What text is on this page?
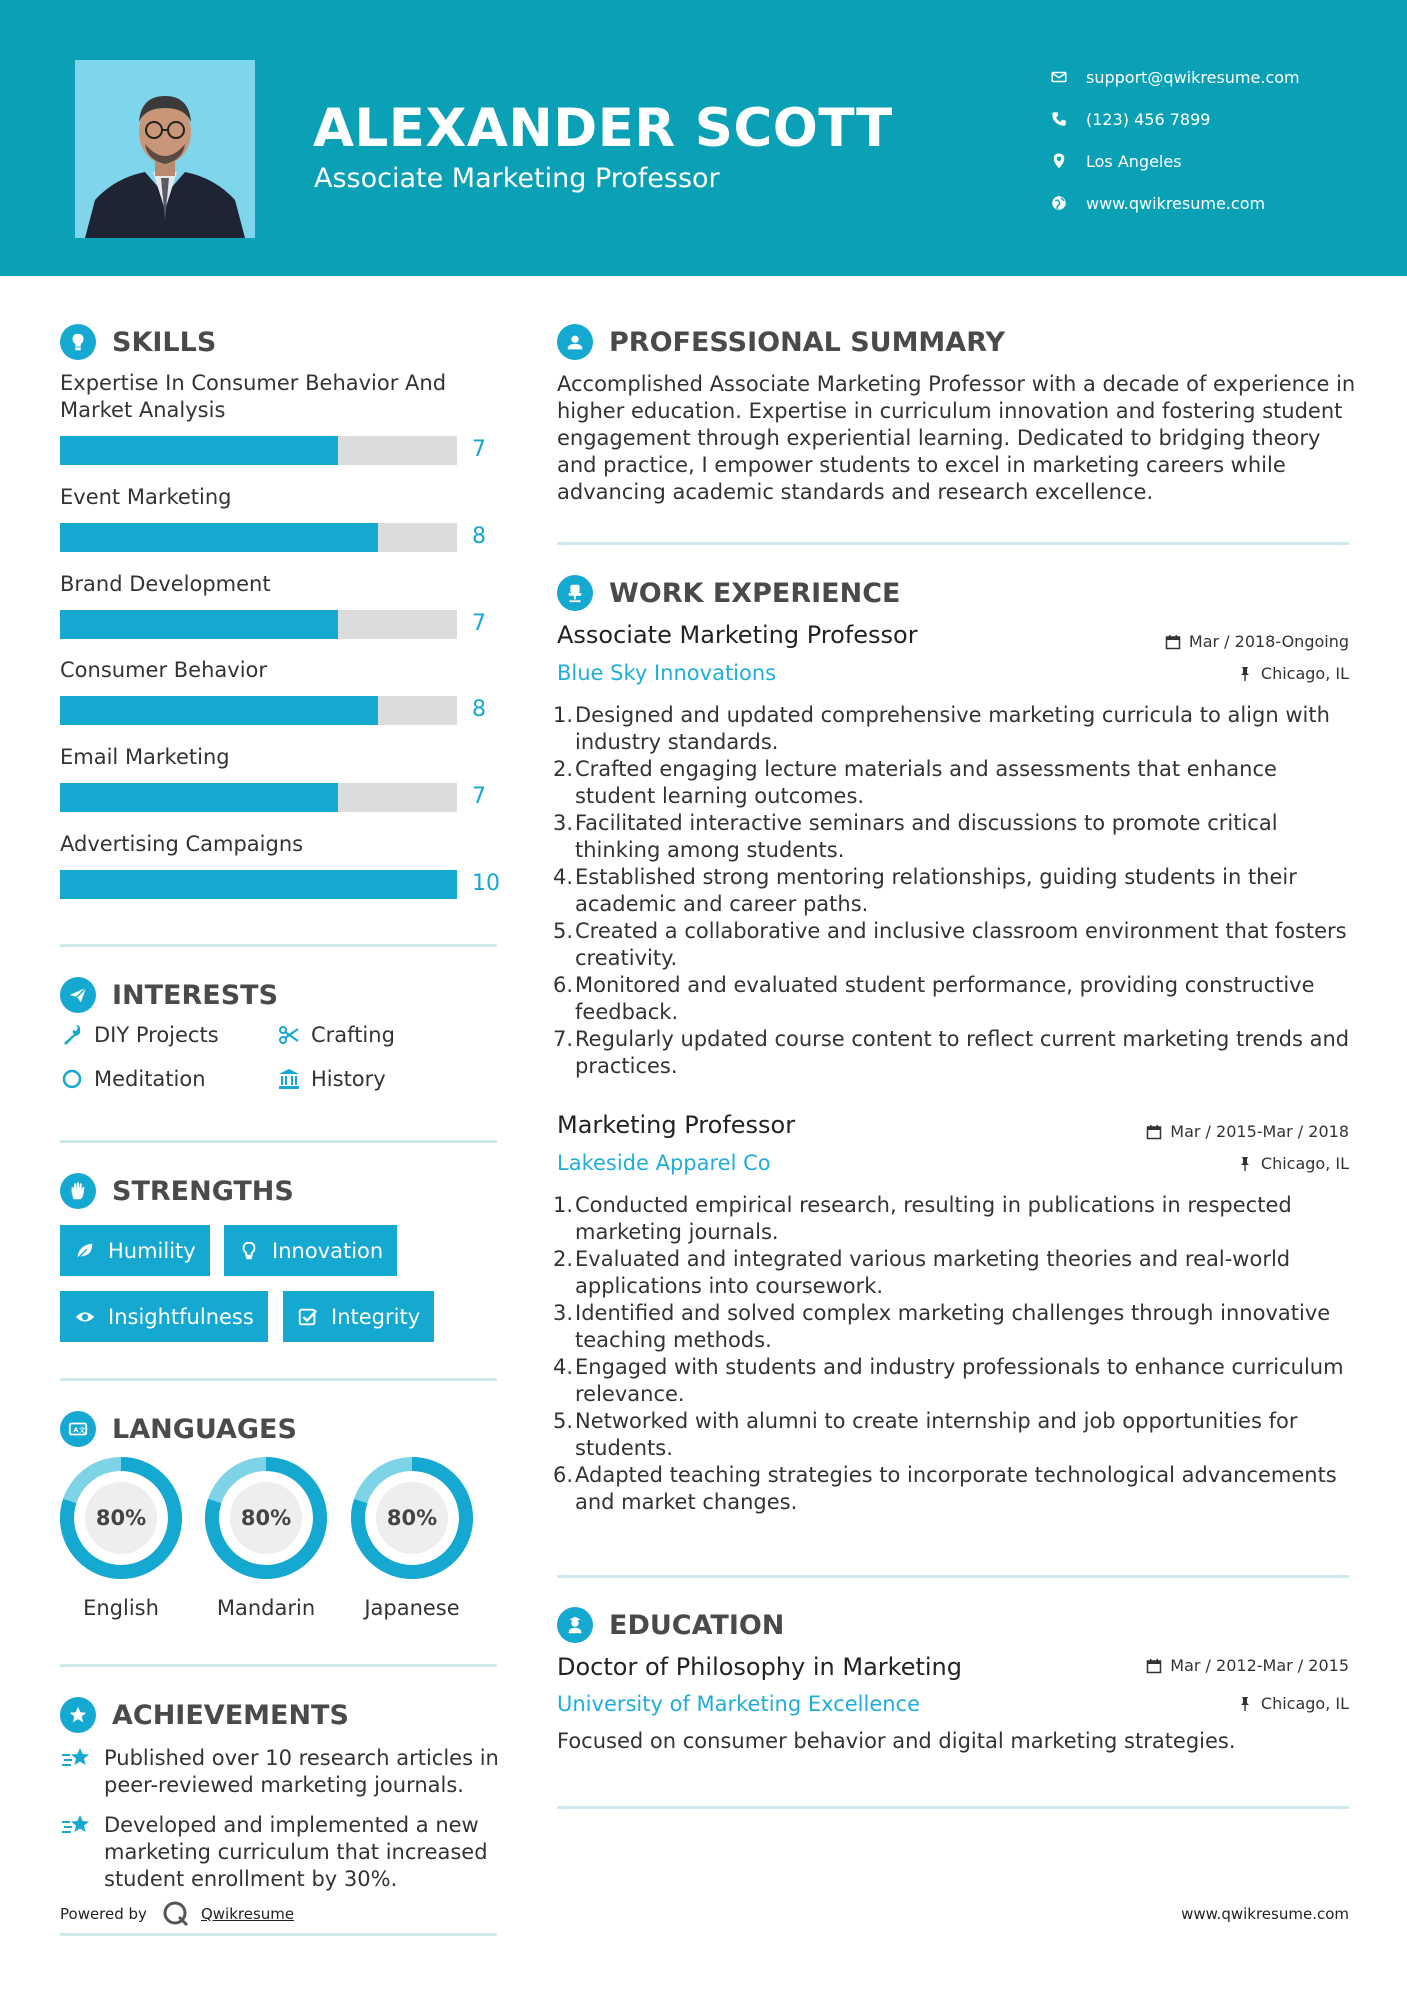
ALEXANDER SCOTT
Associate Marketing Professor
support@qwikresume.com
(123) 456 7899
Los Angeles
www.qwikresume.com
SKILLS
Expertise In Consumer Behavior And Market Analysis
7
Event Marketing
8
Brand Development
7
Consumer Behavior
8
Email Marketing
7
Advertising Campaigns
10
INTERESTS
DIY Projects	Crafting
Meditation	History
STRENGTHS
Humility	Innovation
Insightfulness	Integrity
A 文 LANGUAGES
80%
English
80%
Mandarin
80%
Japanese
ACHIEVEMENTS
Published over 10 research articles in peer-reviewed marketing journals.
Developed and implemented a new marketing curriculum that increased student enrollment by 30%.
Powered by	Qwikresume
PROFESSIONAL SUMMARY
Accomplished Associate Marketing Professor with a decade of experience in higher education. Expertise in curriculum innovation and fostering student engagement through experiential learning. Dedicated to bridging theory and practice, I empower students to excel in marketing careers while advancing academic standards and research excellence.
WORK EXPERIENCE
Associate Marketing Professor	Mar / 2018-Ongoing
Blue Sky Innovations	Chicago, IL
1. Designed and updated comprehensive marketing curricula to align with industry standards.
2. Crafted engaging lecture materials and assessments that enhance student learning outcomes.
3. Facilitated interactive seminars and discussions to promote critical thinking among students.
4. Established strong mentoring relationships, guiding students in their academic and career paths.
5. Created a collaborative and inclusive classroom environment that fosters creativity.
6. Monitored and evaluated student performance, providing constructive feedback.
7. Regularly updated course content to reflect current marketing trends and practices.
Marketing Professor	Mar / 2015-Mar / 2018
Lakeside Apparel Co	Chicago, IL
1. Conducted empirical research, resulting in publications in respected marketing journals.
2. Evaluated and integrated various marketing theories and real-world applications into coursework.
3. Identified and solved complex marketing challenges through innovative teaching methods.
4. Engaged with students and industry professionals to enhance curriculum relevance.
5. Networked with alumni to create internship and job opportunities for students.
6. Adapted teaching strategies to incorporate technological advancements and market changes.
EDUCATION
Doctor of Philosophy in Marketing	Mar / 2012-Mar / 2015
University of Marketing Excellence	Chicago, IL
Focused on consumer behavior and digital marketing strategies.
www.qwikresume.com
